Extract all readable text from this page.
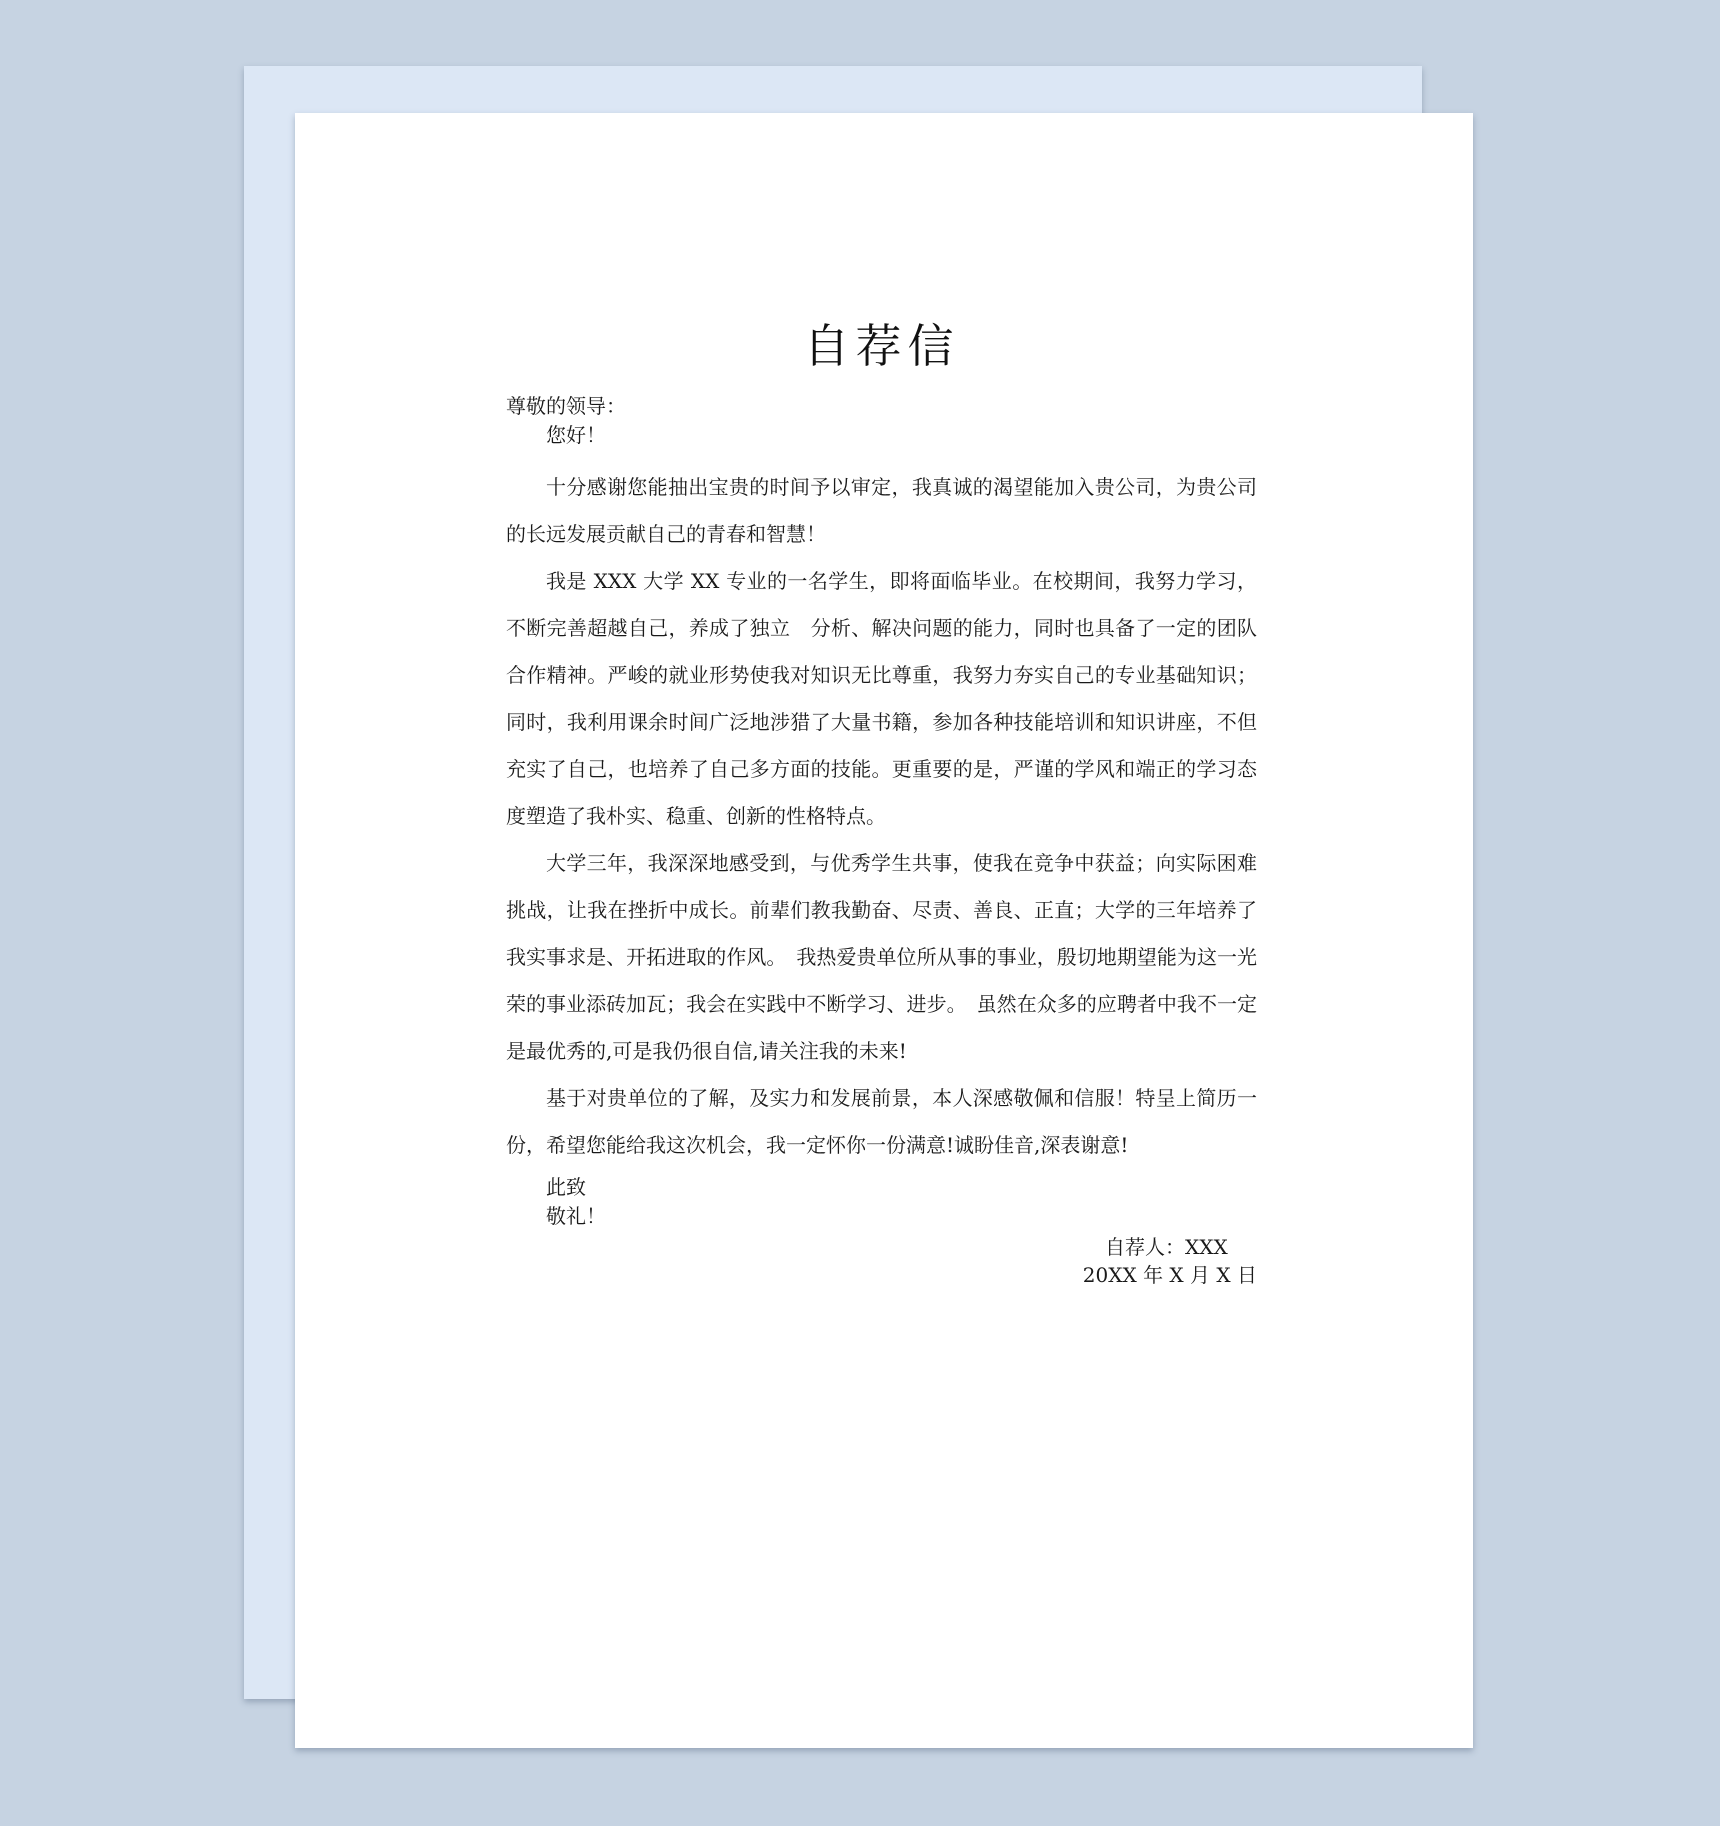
自荐信

尊敬的领导：

您好！

十分感谢您能抽出宝贵的时间予以审定，我真诚的渴望能加入贵公司，为贵公司的长远发展贡献自己的青春和智慧！

我是 XXX 大学 XX 专业的一名学生，即将面临毕业。在校期间，我努力学习，不断完善超越自己，养成了独立　分析、解决问题的能力，同时也具备了一定的团队合作精神。严峻的就业形势使我对知识无比尊重，我努力夯实自己的专业基础知识；同时，我利用课余时间广泛地涉猎了大量书籍，参加各种技能培训和知识讲座，不但充实了自己，也培养了自己多方面的技能。更重要的是，严谨的学风和端正的学习态度塑造了我朴实、稳重、创新的性格特点。

大学三年，我深深地感受到，与优秀学生共事，使我在竞争中获益；向实际困难挑战，让我在挫折中成长。前辈们教我勤奋、尽责、善良、正直；大学的三年培养了我实事求是、开拓进取的作风。　我热爱贵单位所从事的事业，殷切地期望能为这一光荣的事业添砖加瓦；我会在实践中不断学习、进步。　虽然在众多的应聘者中我不一定是最优秀的,可是我仍很自信,请关注我的未来!

基于对贵单位的了解，及实力和发展前景，本人深感敬佩和信服！特呈上简历一份，希望您能给我这次机会，我一定怀你一份满意!诚盼佳音,深表谢意!

此致

敬礼！

自荐人：XXX
20XX 年 X 月 X 日
